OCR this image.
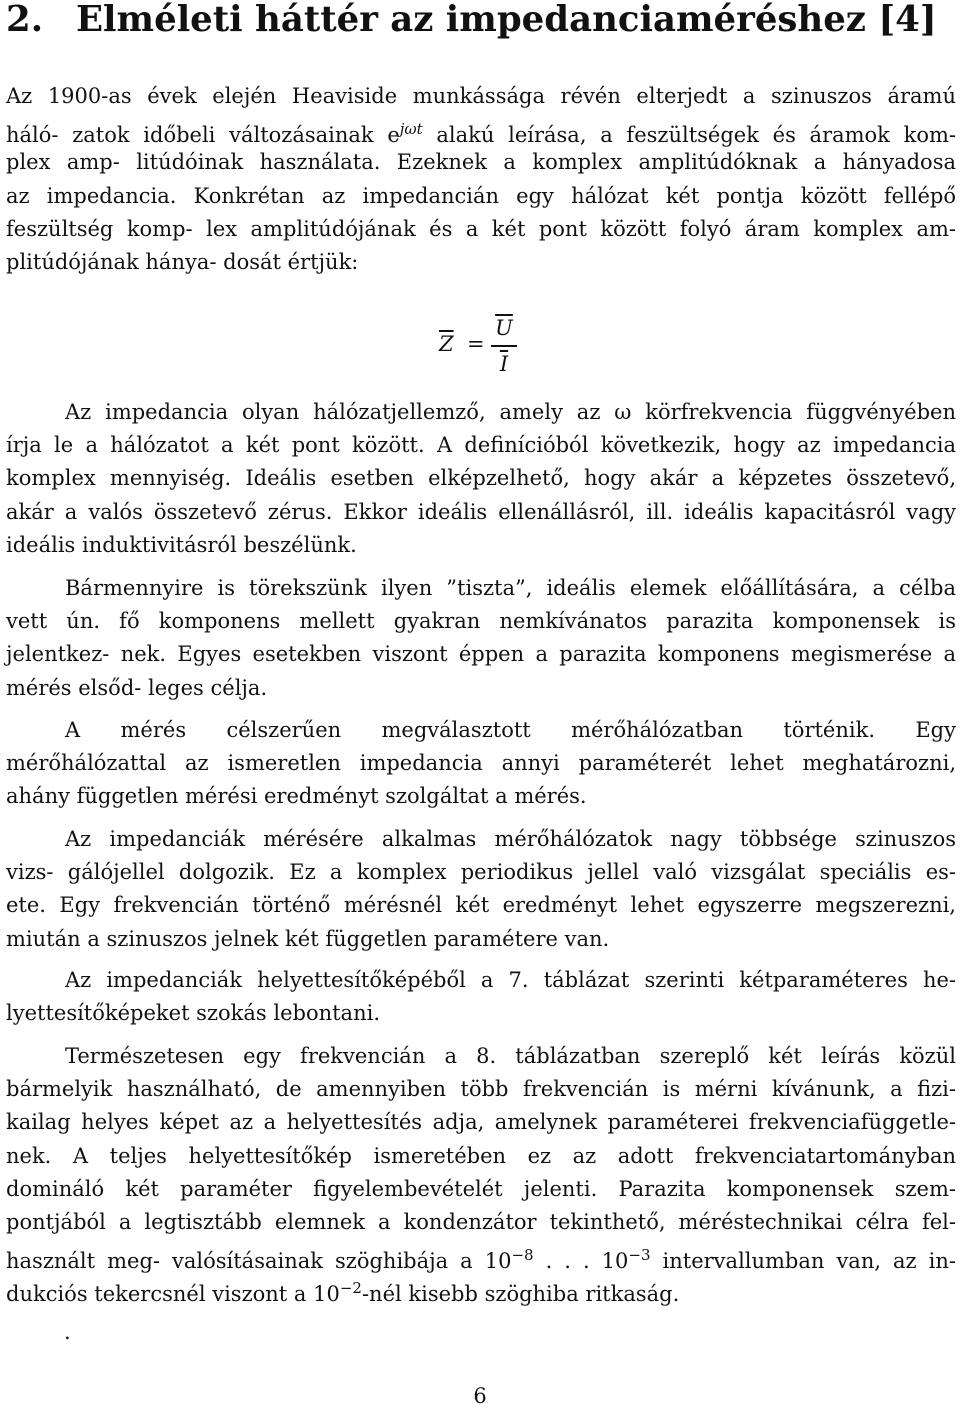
2. Elméleti háttér az impedanciaméréshez [4]
Az 1900-as évek elején Heaviside munkássága révén elterjedt a szinuszos áramú
háló- zatok időbeli változásainak $e^{j\omega t}$ alakú leírása, a feszültségek és áramok kom-
plex amp- litúdóinak használata. Ezeknek a komplex amplitúdóknak a hányadosa
az impedancia. Konkrétan az impedancián egy hálózat két pontja között fellépő
feszültség komp- lex amplitúdójának és a két pont között folyó áram komplex am-
plitúdójának hánya- dosát értjük:
Az impedancia olyan hálózatjellemző, amely az ω körfrekvencia függvényében
írja le a hálózatot a két pont között. A definícióból következik, hogy az impedancia
komplex mennyiség. Ideális esetben elképzelhető, hogy akár a képzetes összetevő,
akár a valós összetevő zérus. Ekkor ideális ellenállásról, ill. ideális kapacitásról vagy
ideális induktivitásról beszélünk.
Bármennyire is törekszünk ilyen ”tiszta”, ideális elemek előállítására, a célba
vett ún. fő komponens mellett gyakran nemkívánatos parazita komponensek is
jelentkez- nek. Egyes esetekben viszont éppen a parazita komponens megismerése a
mérés elsőd- leges célja.
A mérés célszerűen megválasztott mérőhálózatban történik. Egy
mérőhálózattal az ismeretlen impedancia annyi paraméterét lehet meghatározni,
ahány független mérési eredményt szolgáltat a mérés.
Az impedanciák mérésére alkalmas mérőhálózatok nagy többsége szinuszos
vizs- gálójellel dolgozik. Ez a komplex periodikus jellel való vizsgálat speciális es-
ete. Egy frekvencián történő mérésnél két eredményt lehet egyszerre megszerezni,
miután a szinuszos jelnek két független paramétere van.
Az impedanciák helyettesítőképéből a 7. táblázat szerinti kétparaméteres he-
lyettesítőképeket szokás lebontani.
Természetesen egy frekvencián a 8. táblázatban szereplő két leírás közül
bármelyik használható, de amennyiben több frekvencián is mérni kívánunk, a fizi-
kailag helyes képet az a helyettesítés adja, amelynek paraméterei frekvenciafüggetle-
nek. A teljes helyettesítőkép ismeretében ez az adott frekvenciatartományban
domináló két paraméter figyelembevételét jelenti. Parazita komponensek szem-
pontjából a legtisztább elemnek a kondenzátor tekinthető, méréstechnikai célra fel-
használt meg- valósításainak szöghibája a $10^{-8}$ . . . $10^{-3}$ intervallumban van, az in-
dukciós tekercsnél viszont a $10^{-2}$-nél kisebb szöghiba ritkaság.
$\overline{Z} = \frac{\overline{U}}{I}$
.
6
